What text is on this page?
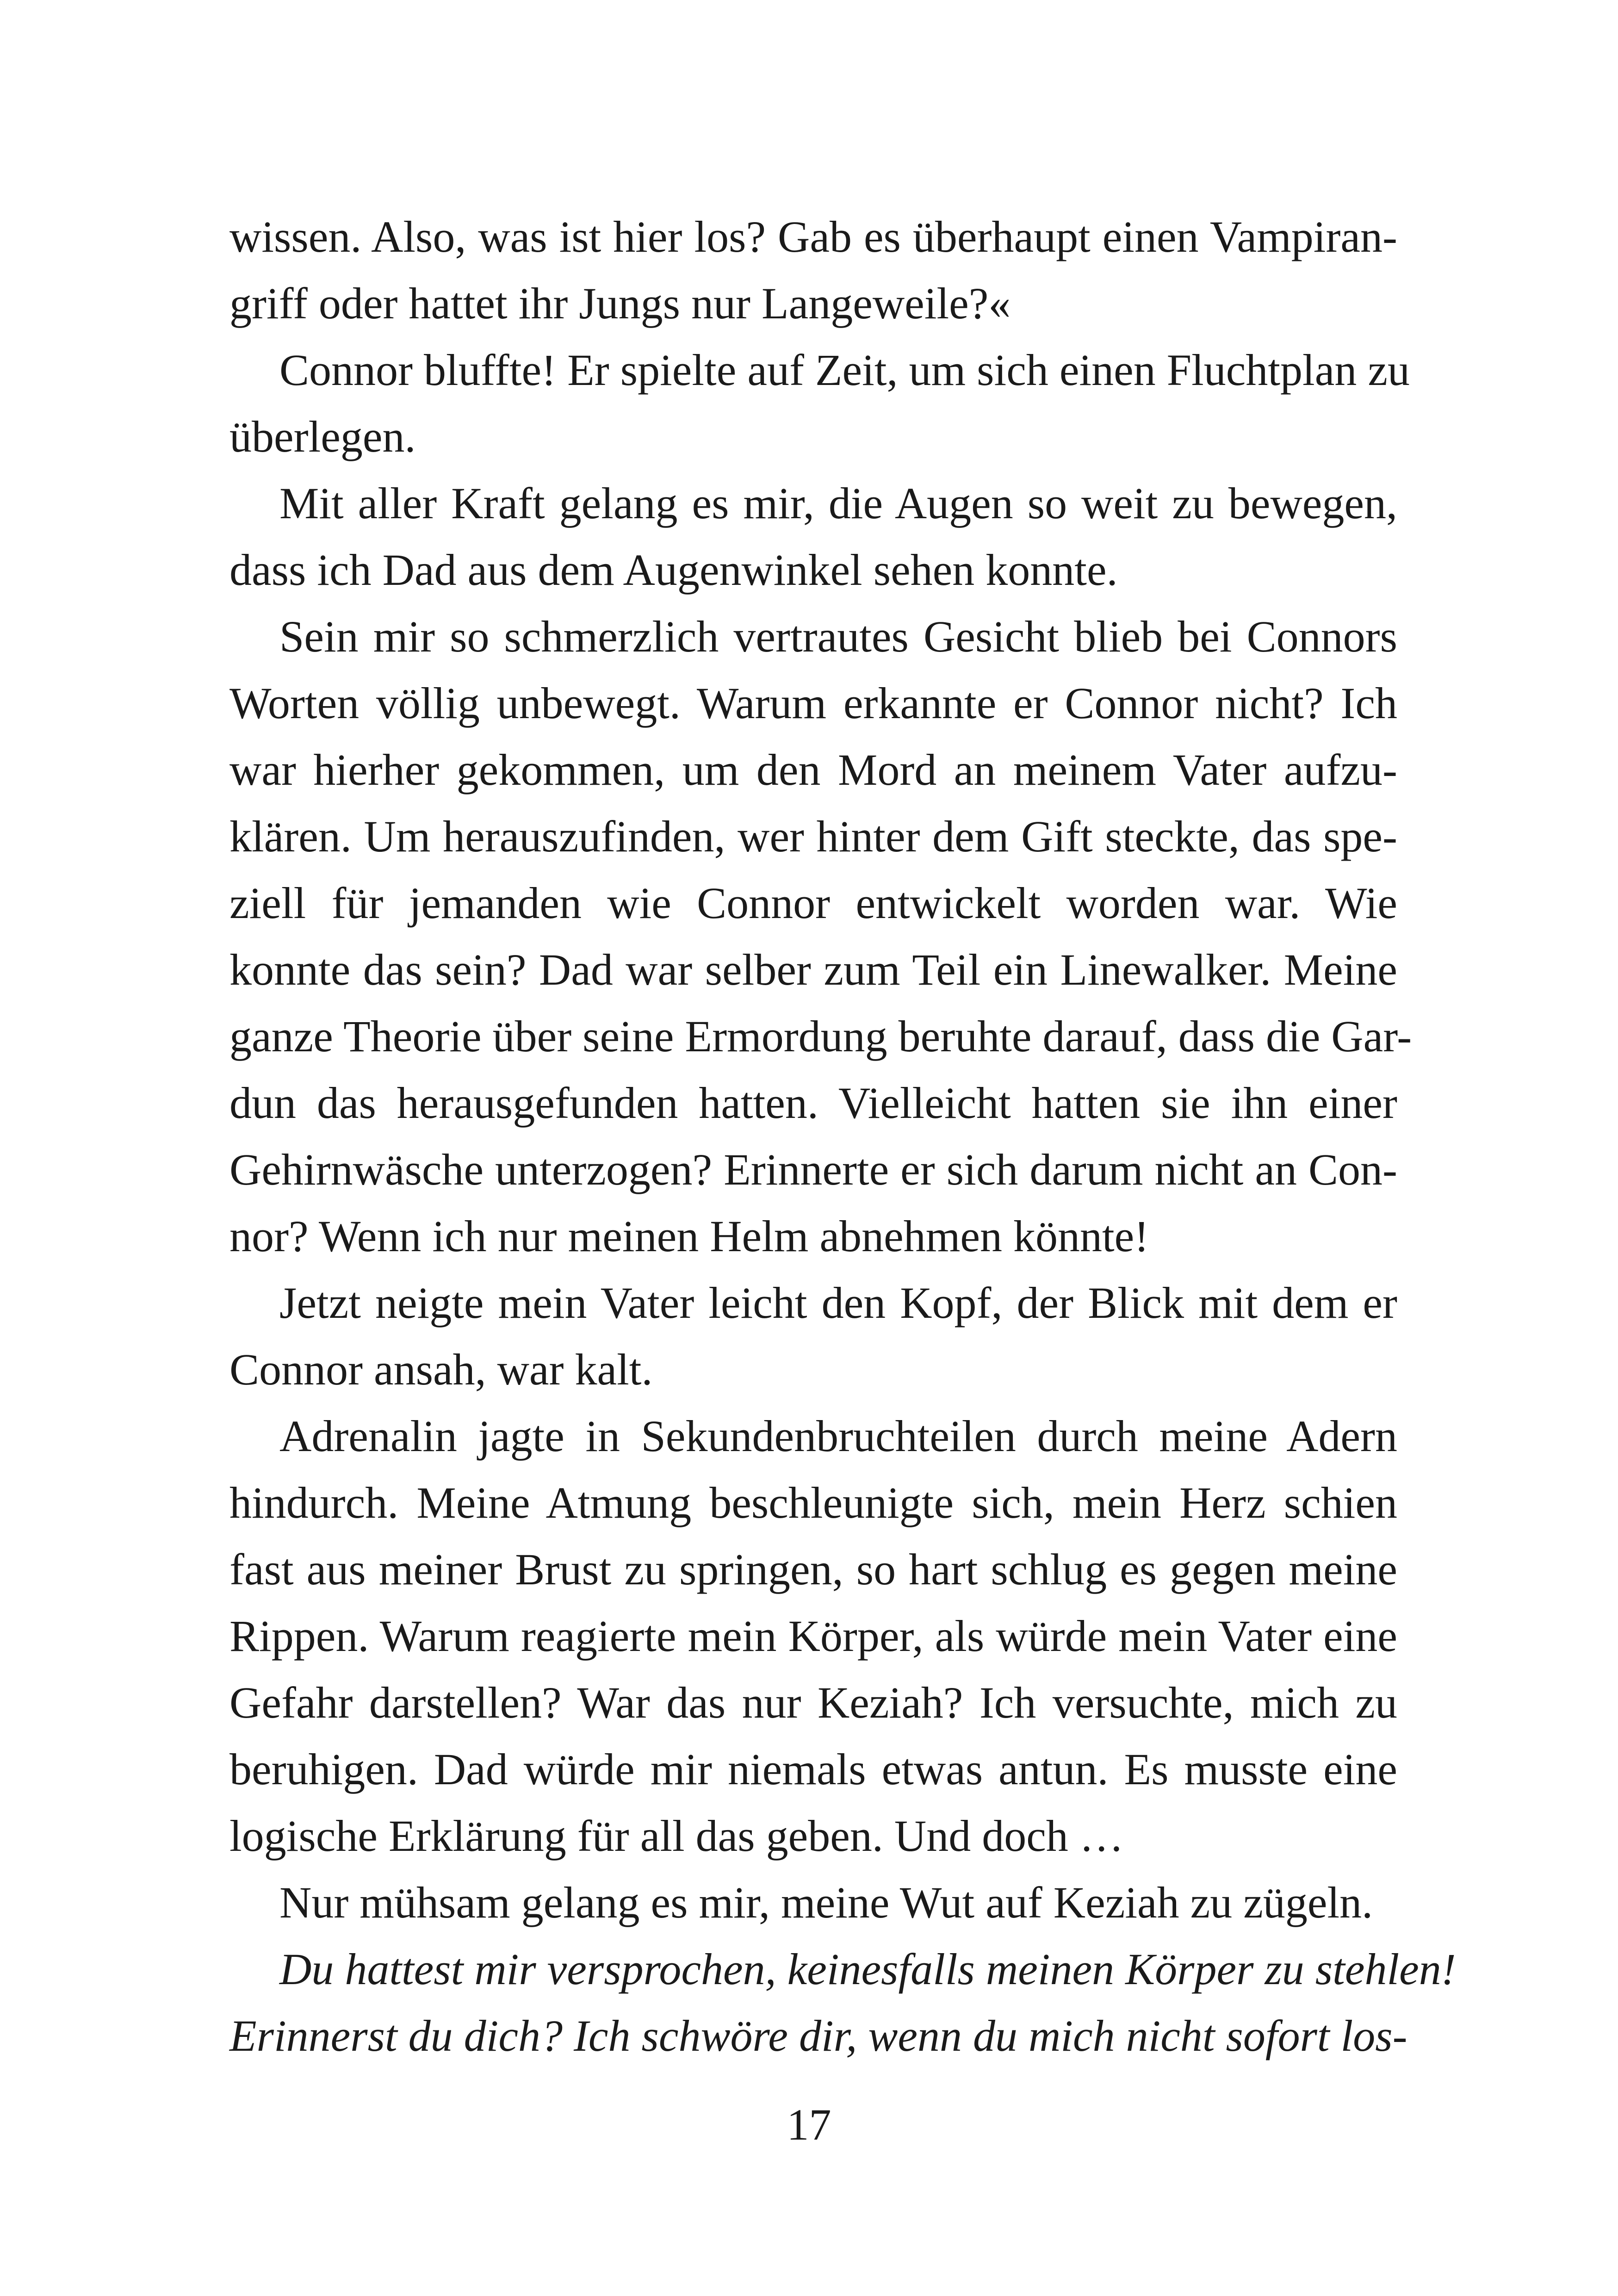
wissen. Also, was ist hier los? Gab es überhaupt einen Vampiran-
griff oder hattet ihr Jungs nur Langeweile?«
Connor bluffte! Er spielte auf Zeit, um sich einen Fluchtplan zu
überlegen.
Mit aller Kraft gelang es mir, die Augen so weit zu bewegen,
dass ich Dad aus dem Augenwinkel sehen konnte.
Sein mir so schmerzlich vertrautes Gesicht blieb bei Connors
Worten völlig unbewegt. Warum erkannte er Connor nicht? Ich
war hierher gekommen, um den Mord an meinem Vater aufzu-
klären. Um herauszufinden, wer hinter dem Gift steckte, das spe-
ziell für jemanden wie Connor entwickelt worden war. Wie
konnte das sein? Dad war selber zum Teil ein Linewalker. Meine
ganze Theorie über seine Ermordung beruhte darauf, dass die Gar-
dun das herausgefunden hatten. Vielleicht hatten sie ihn einer
Gehirnwäsche unterzogen? Erinnerte er sich darum nicht an Con-
nor? Wenn ich nur meinen Helm abnehmen könnte!
Jetzt neigte mein Vater leicht den Kopf, der Blick mit dem er
Connor ansah, war kalt.
Adrenalin jagte in Sekundenbruchteilen durch meine Adern
hindurch. Meine Atmung beschleunigte sich, mein Herz schien
fast aus meiner Brust zu springen, so hart schlug es gegen meine
Rippen. Warum reagierte mein Körper, als würde mein Vater eine
Gefahr darstellen? War das nur Keziah? Ich versuchte, mich zu
beruhigen. Dad würde mir niemals etwas antun. Es musste eine
logische Erklärung für all das geben. Und doch …
Nur mühsam gelang es mir, meine Wut auf Keziah zu zügeln.
Du hattest mir versprochen, keinesfalls meinen Körper zu stehlen!
Erinnerst du dich? Ich schwöre dir, wenn du mich nicht sofort los-
17
